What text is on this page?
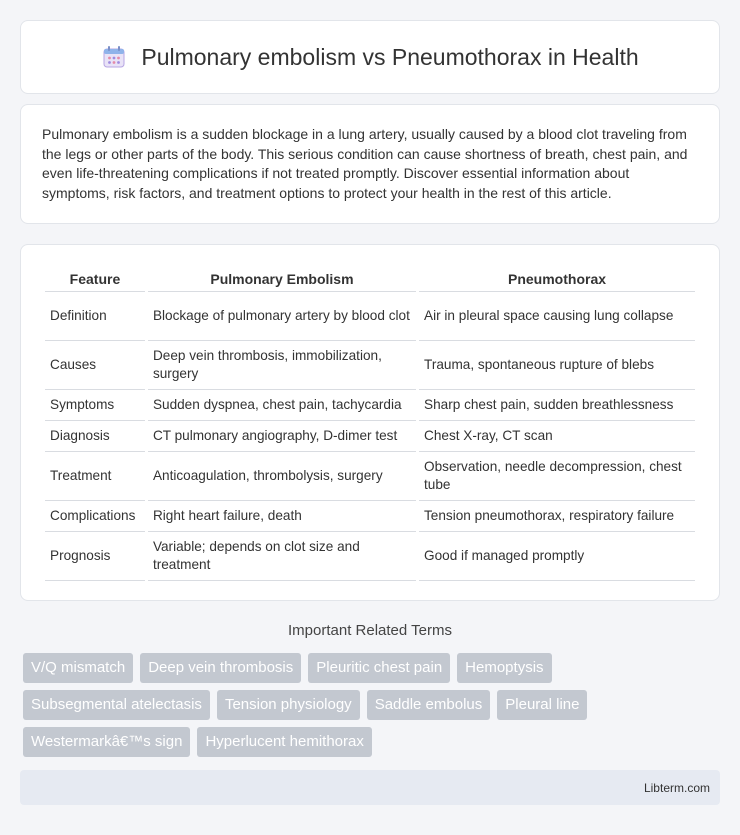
Pulmonary embolism vs Pneumothorax in Health

Pulmonary embolism is a sudden blockage in a lung artery, usually caused by a blood clot traveling from the legs or other parts of the body. This serious condition can cause shortness of breath, chest pain, and even life-threatening complications if not treated promptly. Discover essential information about symptoms, risk factors, and treatment options to protect your health in the rest of this article.

Feature	Pulmonary Embolism	Pneumothorax
Definition	Blockage of pulmonary artery by blood clot	Air in pleural space causing lung collapse
Causes	Deep vein thrombosis, immobilization, surgery	Trauma, spontaneous rupture of blebs
Symptoms	Sudden dyspnea, chest pain, tachycardia	Sharp chest pain, sudden breathlessness
Diagnosis	CT pulmonary angiography, D-dimer test	Chest X-ray, CT scan
Treatment	Anticoagulation, thrombolysis, surgery	Observation, needle decompression, chest tube
Complications	Right heart failure, death	Tension pneumothorax, respiratory failure
Prognosis	Variable; depends on clot size and treatment	Good if managed promptly
Important Related Terms
V/Q mismatch	Deep vein thrombosis	Pleuritic chest pain	Hemoptysis
Subsegmental atelectasis	Tension physiology	Saddle embolus	Pleural line
Westermarkâ€™s sign	Hyperlucent hemithorax
Libterm.com
